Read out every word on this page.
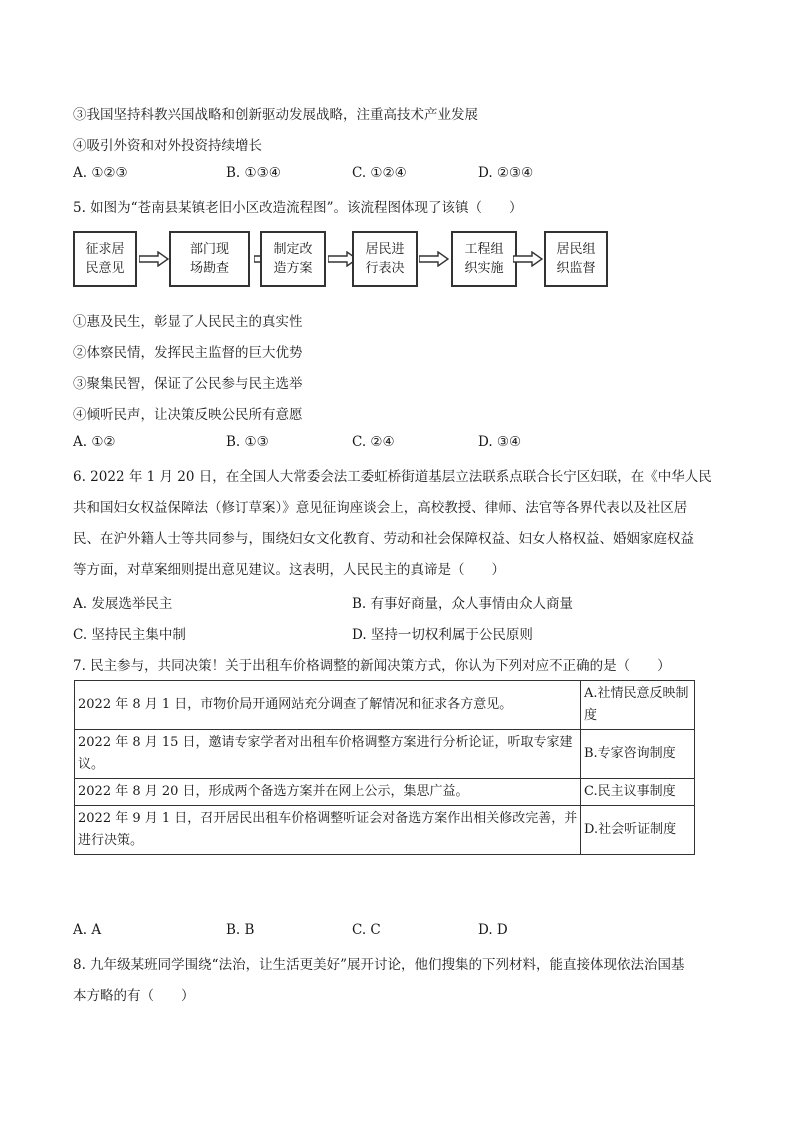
③我国坚持科教兴国战略和创新驱动发展战略，注重高技术产业发展
④吸引外资和对外投资持续增长
A. ①②③	B. ①③④	C. ①②④	D. ②③④
5. 如图为“苍南县某镇老旧小区改造流程图”。该流程图体现了该镇（　　）
征求居
民意见
部门现
场勘查
制定改
造方案
居民进
行表决
工程组
织实施
居民组
织监督
①惠及民生，彰显了人民民主的真实性
②体察民情，发挥民主监督的巨大优势
③聚集民智，保证了公民参与民主选举
④倾听民声，让决策反映公民所有意愿
A. ①②	B. ①③	C. ②④	D. ③④
6. 2022 年 1 月 20 日，在全国人大常委会法工委虹桥街道基层立法联系点联合长宁区妇联，在《中华人民
共和国妇女权益保障法（修订草案）》意见征询座谈会上，高校教授、律师、法官等各界代表以及社区居
民、在沪外籍人士等共同参与，围绕妇女文化教育、劳动和社会保障权益、妇女人格权益、婚姻家庭权益
等方面，对草案细则提出意见建议。这表明，人民民主的真谛是（　　）
A. 发展选举民主	B. 有事好商量，众人事情由众人商量
C. 坚持民主集中制	D. 坚持一切权利属于公民原则
7. 民主参与，共同决策！关于出租车价格调整的新闻决策方式，你认为下列对应不正确的是（　　）
2022 年 8 月 1 日，市物价局开通网站充分调查了解情况和征求各方意见。	A.社情民意反映制度
2022 年 8 月 15 日，邀请专家学者对出租车价格调整方案进行分析论证，听取专家建议。	B.专家咨询制度
2022 年 8 月 20 日，形成两个备选方案并在网上公示，集思广益。	C.民主议事制度
2022 年 9 月 1 日，召开居民出租车价格调整听证会对备选方案作出相关修改完善，并进行决策。	D.社会听证制度
A. A	B. B	C. C	D. D
8. 九年级某班同学围绕“法治，让生活更美好”展开讨论，他们搜集的下列材料，能直接体现依法治国基
本方略的有（　　）
